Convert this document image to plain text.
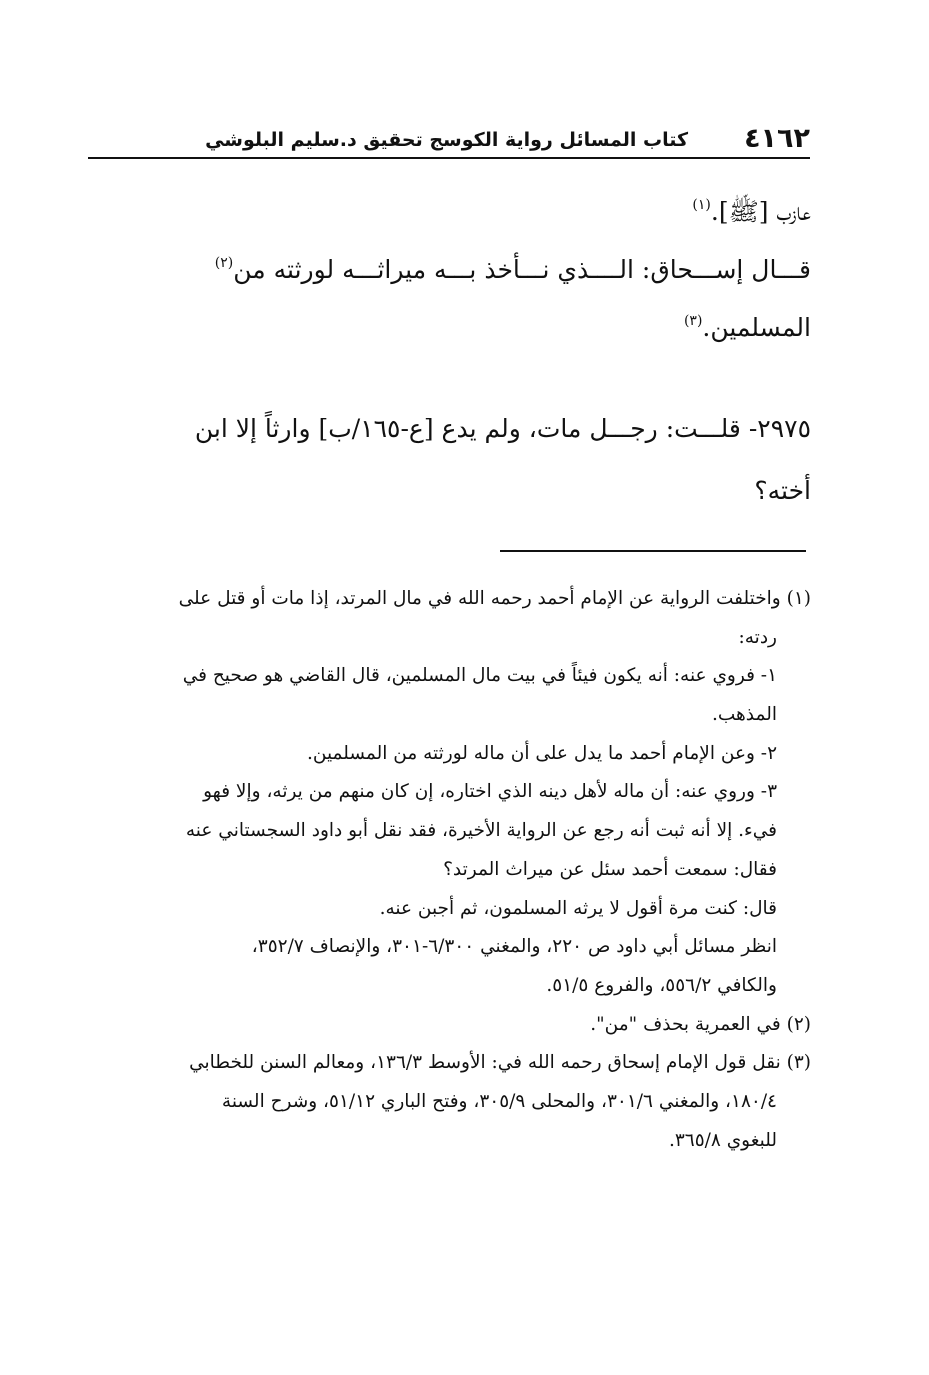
٤١٦٢
كتاب المسائل رواية الكوسج تحقيق د.سليم البلوشي
عازب [ﷺ].$^{(١)}$
قـــال إســـحاق: الــــذي نـــأخذ بـــه ميراثـــه لورثته من$^{(٢)}$
المسلمين.$^{(٣)}$
٢٩٧٥- قلـــت: رجـــل مات، ولم يدع [ع-١٦٥/ب] وارثاً إلا ابن
أخته؟
(١) واختلفت الرواية عن الإمام أحمد رحمه الله في مال المرتد، إذا مات أو قتل على
ردته:
١- فروي عنه: أنه يكون فيئاً في بيت مال المسلمين، قال القاضي هو صحيح في
المذهب.
٢- وعن الإمام أحمد ما يدل على أن ماله لورثته من المسلمين.
٣- وروي عنه: أن ماله لأهل دينه الذي اختاره، إن كان منهم من يرثه، وإلا فهو
فيء. إلا أنه ثبت أنه رجع عن الرواية الأخيرة، فقد نقل أبو داود السجستاني عنه
فقال: سمعت أحمد سئل عن ميراث المرتد؟
قال: كنت مرة أقول لا يرثه المسلمون، ثم أجبن عنه.
انظر مسائل أبي داود ص ٢٢٠، والمغني ٦/٣٠٠-٣٠١، والإنصاف ٣٥٢/٧،
والكافي ٥٥٦/٢، والفروع ٥١/٥.
(٢) في العمرية بحذف "من".
(٣) نقل قول الإمام إسحاق رحمه الله في: الأوسط ١٣٦/٣، ومعالم السنن للخطابي
١٨٠/٤، والمغني ٣٠١/٦، والمحلى ٣٠٥/٩، وفتح الباري ٥١/١٢، وشرح السنة
للبغوي ٣٦٥/٨.
